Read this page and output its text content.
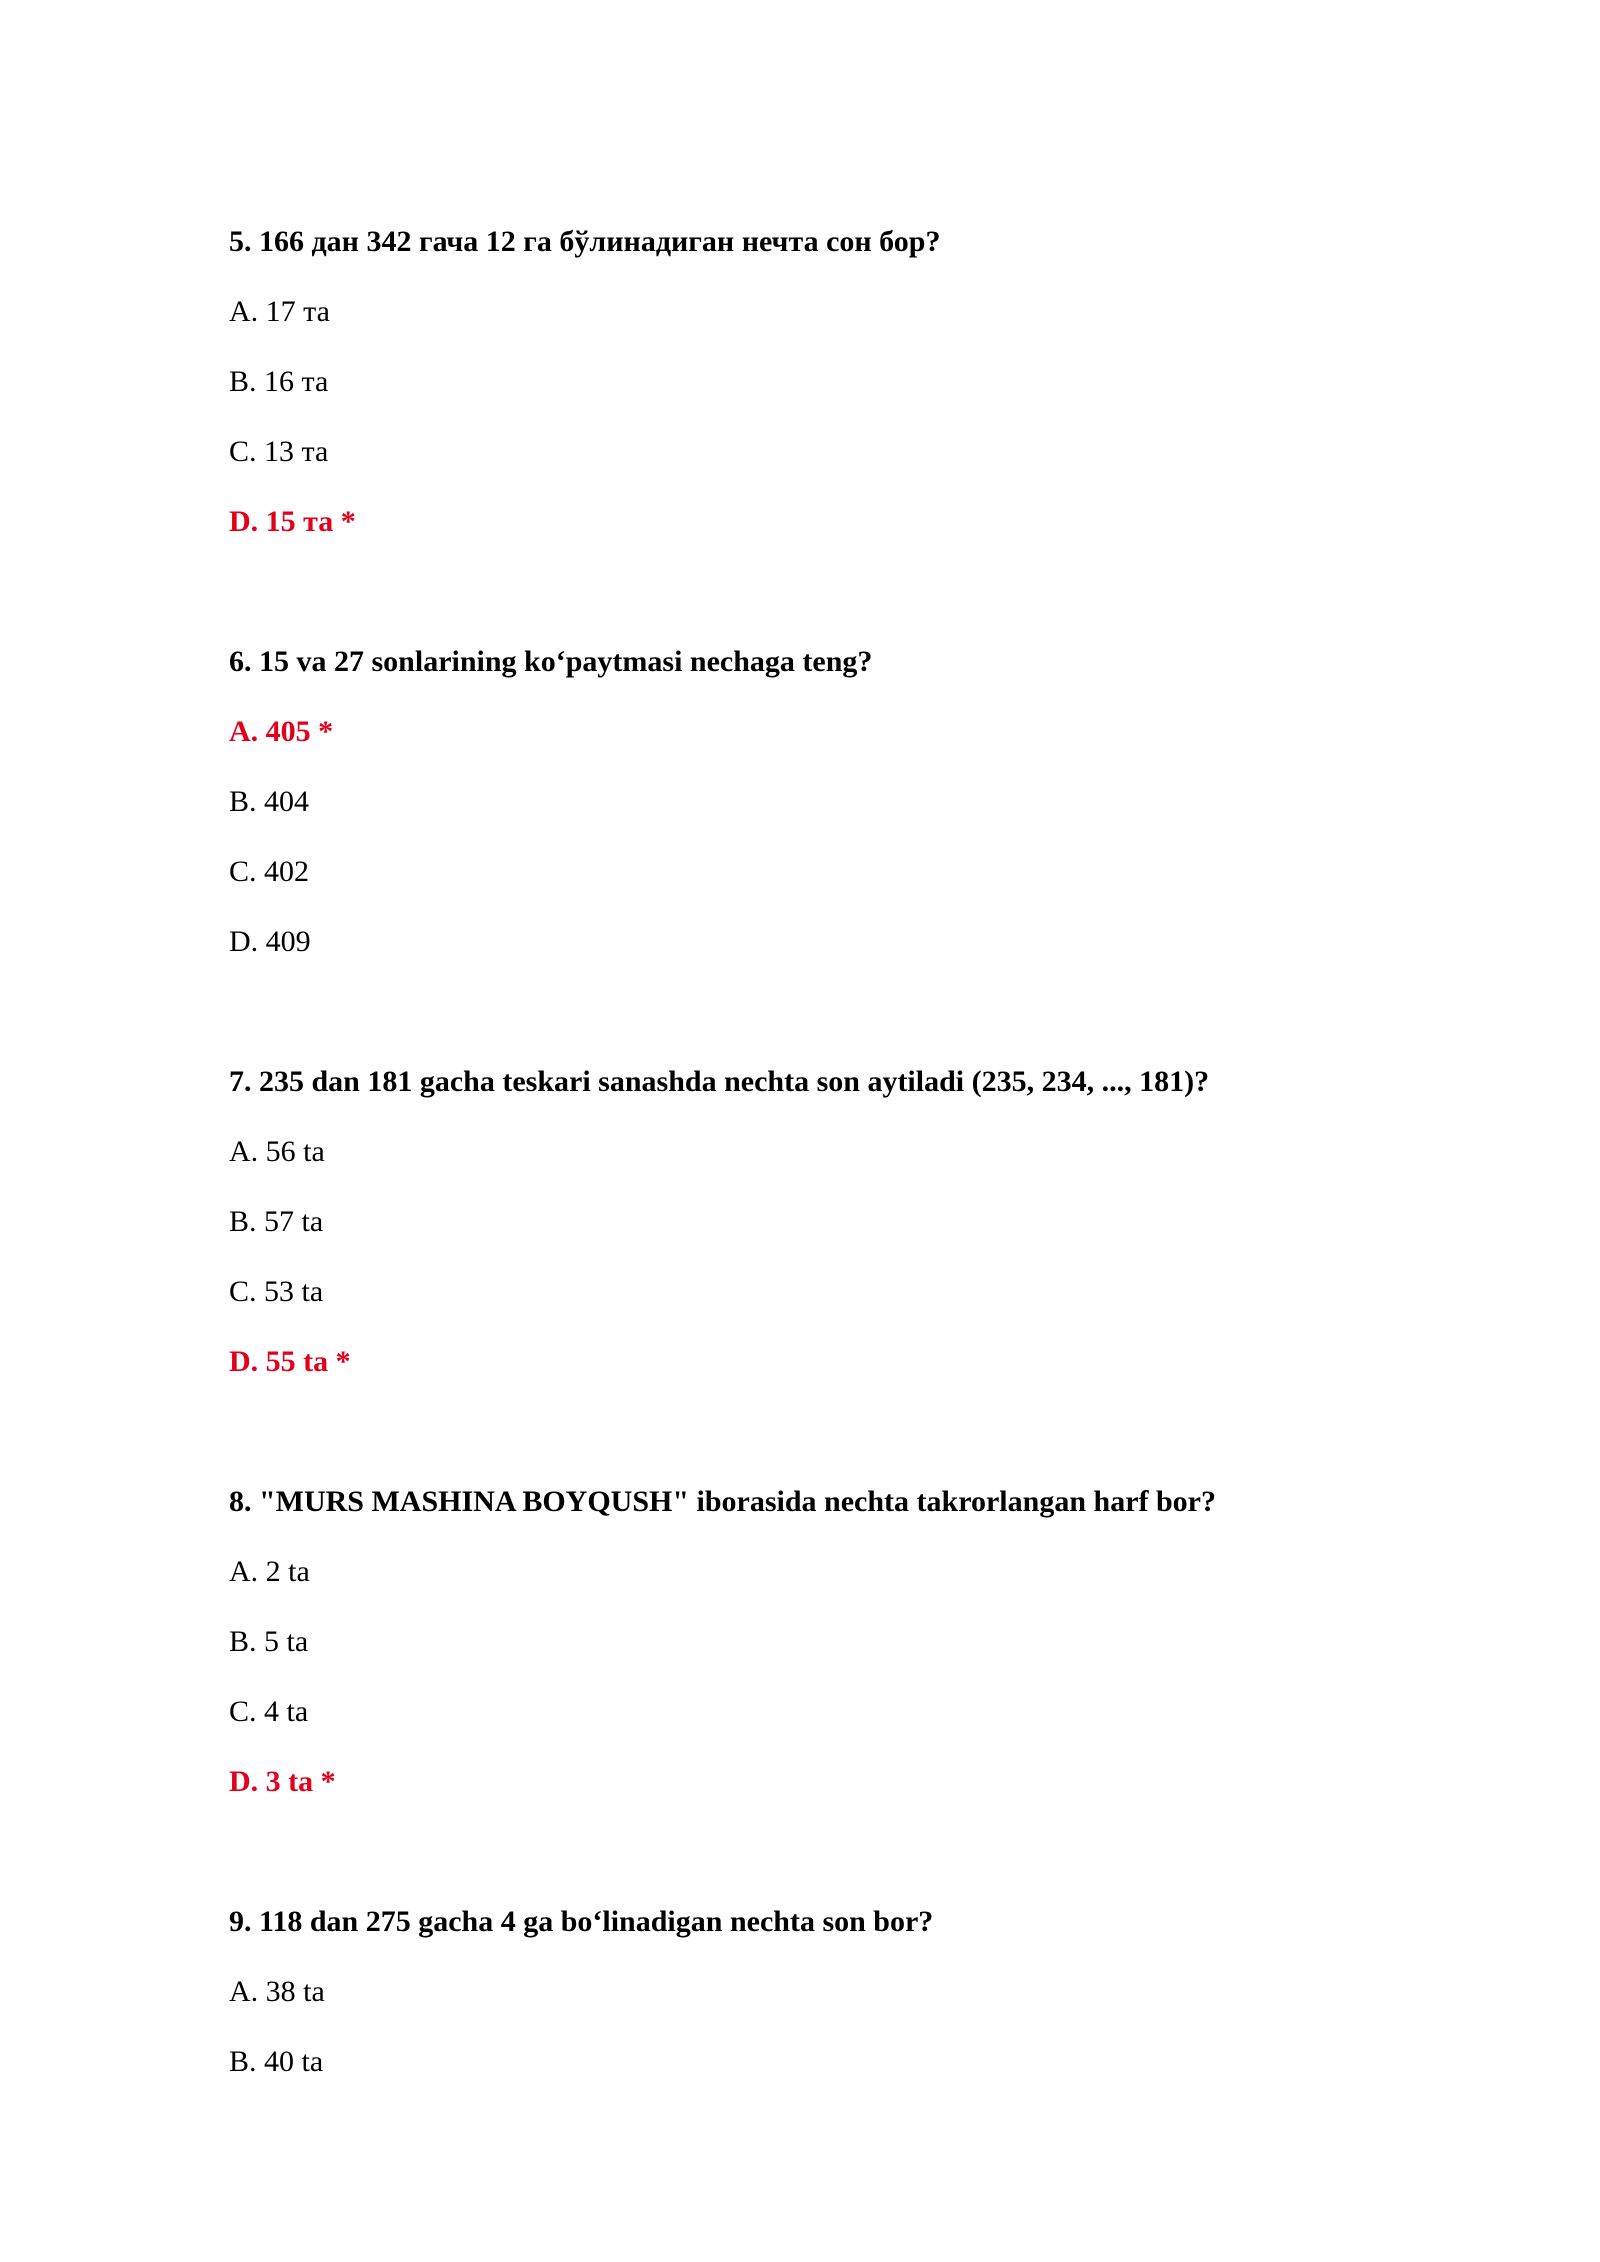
5. 166 дан 342 гача 12 га бўлинадиган нечта сон бор?
A. 17 та
B. 16 та
C. 13 та
D. 15 та *
6. 15 va 27 sonlarining ko‘paytmasi nechaga teng?
A. 405 *
B. 404
C. 402
D. 409
7. 235 dan 181 gacha teskari sanashda nechta son aytiladi (235, 234, ..., 181)?
A. 56 ta
B. 57 ta
C. 53 ta
D. 55 ta *
8. "MURS MASHINA BOYQUSH" iborasida nechta takrorlangan harf bor?
A. 2 ta
B. 5 ta
C. 4 ta
D. 3 ta *
9. 118 dan 275 gacha 4 ga bo‘linadigan nechta son bor?
A. 38 ta
B. 40 ta
